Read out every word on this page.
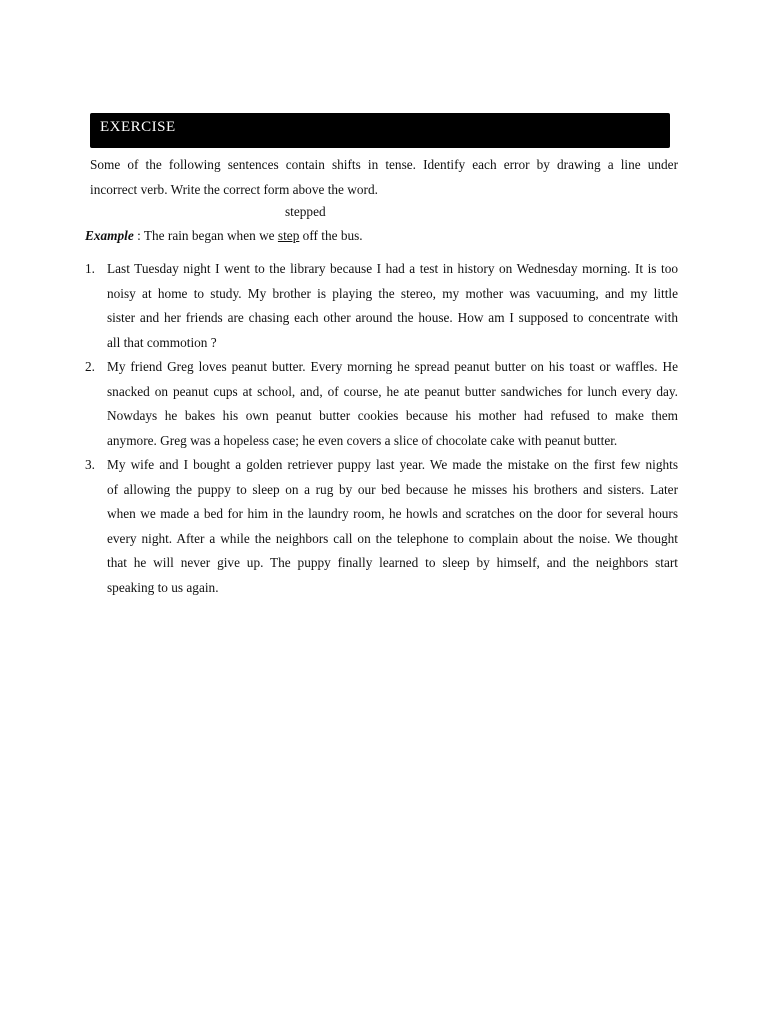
EXERCISE
Some of the following sentences contain shifts in tense. Identify each error by drawing a line under
incorrect verb. Write the correct form above the word.
stepped
Example : The rain began when we step off the bus.
1. Last Tuesday night I went to the library because I had a test in history on Wednesday morning. It is too
noisy at home to study. My brother is playing the stereo, my mother was vacuuming, and my little
sister and her friends are chasing each other around the house. How am I supposed to concentrate with
all that commotion ?
2. My friend Greg loves peanut butter. Every morning he spread peanut butter on his toast or waffles. He
snacked on peanut cups at school, and, of course, he ate peanut butter sandwiches for lunch every day.
Nowdays he bakes his own peanut butter cookies because his mother had refused to make them
anymore. Greg was a hopeless case; he even covers a slice of chocolate cake with peanut butter.
3. My wife and I bought a golden retriever puppy last year. We made the mistake on the first few nights
of allowing the puppy to sleep on a rug by our bed because he misses his brothers and sisters. Later
when we made a bed for him in the laundry room, he howls and scratches on the door for several hours
every night. After a while the neighbors call on the telephone to complain about the noise. We thought
that he will never give up. The puppy finally learned to sleep by himself, and the neighbors start
speaking to us again.
